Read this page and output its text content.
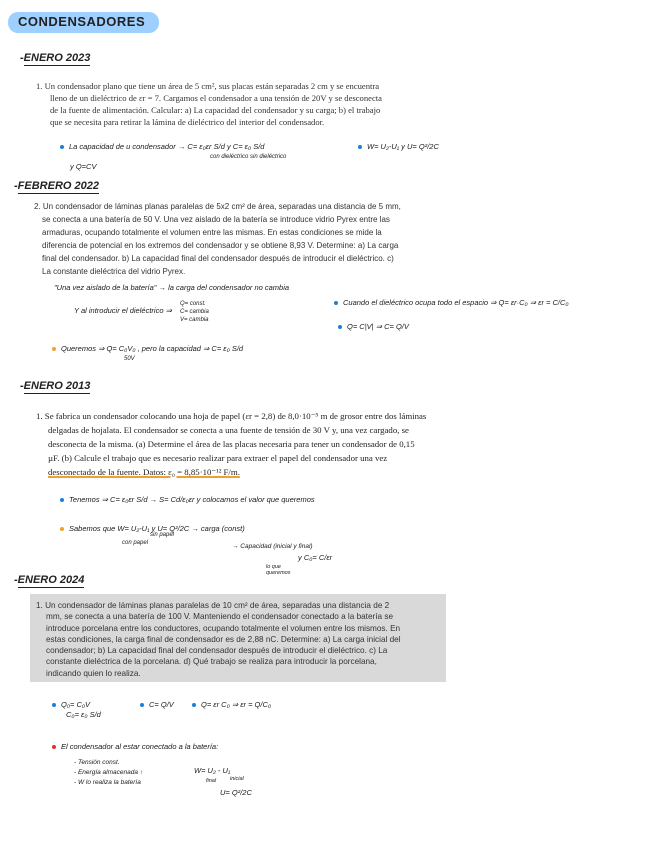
CONDENSADORES
-ENERO 2023
1. Un condensador plano que tiene un área de 5 cm², sus placas están separadas 2 cm y se encuentra
lleno de un dieléctrico de εr = 7. Cargamos el condensador a una tensión de 20V y se desconecta
de la fuente de alimentación. Calcular: a) La capacidad del condensador y su carga; b) el trabajo
que se necesita para retirar la lámina de dieléctrico del interior del condensador.
La capacidad de u condensador → C= ε₀εr S/d y C= ε₀ S/d
con dieléctrico sin dieléctrico
y Q=CV
W= U₂-U₁ y U= Q²/2C
-FEBRERO 2022
2. Un condensador de láminas planas paralelas de 5x2 cm² de área, separadas una distancia de 5 mm,
se conecta a una batería de 50 V. Una vez aislado de la batería se introduce vidrio Pyrex entre las
armaduras, ocupando totalmente el volumen entre las mismas. En estas condiciones se mide la
diferencia de potencial en los extremos del condensador y se obtiene 8,93 V. Determine: a) La carga
final del condensador. b) La capacidad final del condensador después de introducir el dieléctrico. c)
La constante dieléctrica del vidrio Pyrex.
"Una vez aislado de la batería" → la carga del condensador no cambia
Y al introducir el dieléctrico ⇒
Q= const.
C= cambia
V= cambia
Cuando el dieléctrico ocupa todo el espacio ⇒ Q= εr·C₀ ⇒ εr = C/C₀
Q= C|V| ⇒ C= Q/V
Queremos ⇒ Q= C₀V₀ , pero la capacidad ⇒ C= ε₀ S/d
50V
-ENERO 2013
1. Se fabrica un condensador colocando una hoja de papel (εr = 2,8) de 8,0·10⁻⁵ m de grosor entre dos láminas
delgadas de hojalata. El condensador se conecta a una fuente de tensión de 30 V y, una vez cargado, se
desconecta de la misma. (a) Determine el área de las placas necesaria para tener un condensador de 0,15
µF. (b) Calcule el trabajo que es necesario realizar para extraer el papel del condensador una vez
desconectado de la fuente. Datos: ε₀ = 8,85·10⁻¹² F/m.
Tenemos ⇒ C= ε₀εr S/d → S= Cd/ε₀εr y colocamos el valor que queremos
Sabemos que W= U₂-U₁ y U= Q²/2C → carga (const)
con papel
sin papel
→ Capacidad (inicial y final)
y C₀= C/εr
lo que queremos
-ENERO 2024
1. Un condensador de láminas planas paralelas de 10 cm² de área, separadas una distancia de 2
mm, se conecta a una batería de 100 V. Manteniendo el condensador conectado a la batería se
introduce porcelana entre los conductores, ocupando totalmente el volumen entre los mismos. En
estas condiciones, la carga final de condensador es de 2,88 nC. Determine: a) La carga inicial del
condensador; b) La capacidad final del condensador después de introducir el dieléctrico. c) La
constante dieléctrica de la porcelana. d) Qué trabajo se realiza para introducir la porcelana,
indicando quien lo realiza.
Q₀= C₀V
C₀= ε₀ S/d
C= Q/V	Q= εr C₀ ⇒ εr = Q/C₀
El condensador al estar conectado a la batería:
- Tensión const.
- Energía almacenada ↑
- W lo realiza la batería
W= U₂ - U₁
final	inicial
U= Q²/2C
